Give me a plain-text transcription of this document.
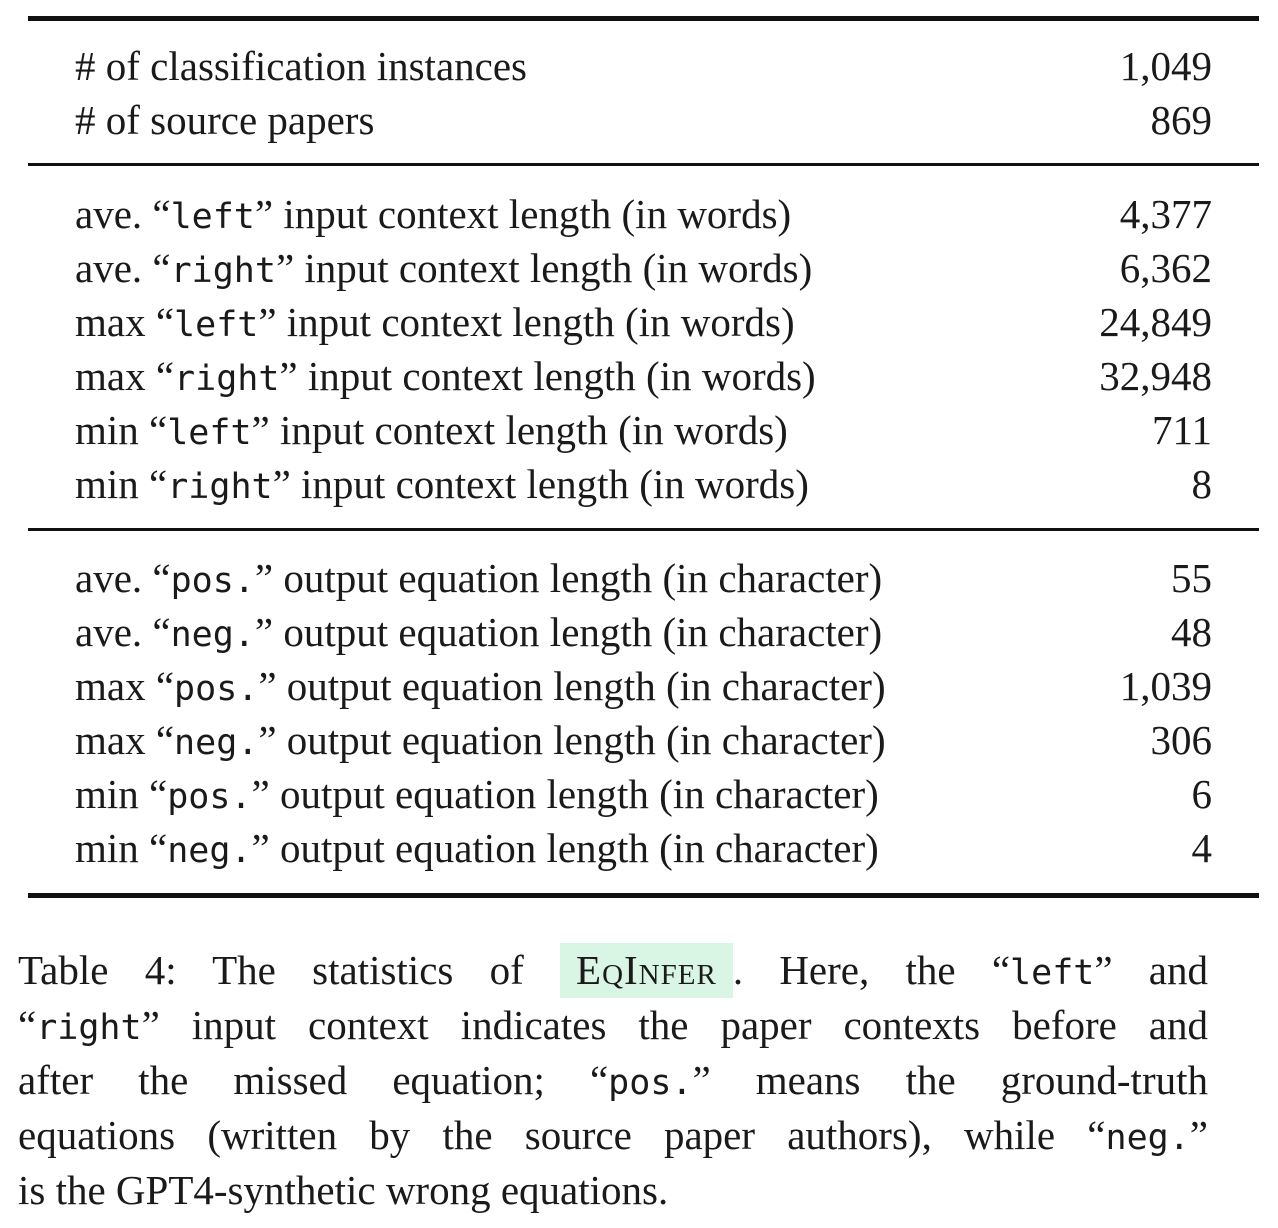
# of classification instances	1,049
# of source papers	869
ave. “left” input context length (in words)	4,377
ave. “right” input context length (in words)	6,362
max “left” input context length (in words)	24,849
max “right” input context length (in words)	32,948
min “left” input context length (in words)	711
min “right” input context length (in words)	8
ave. “pos.” output equation length (in character)	55
ave. “neg.” output equation length (in character)	48
max “pos.” output equation length (in character)	1,039
max “neg.” output equation length (in character)	306
min “pos.” output equation length (in character)	6
min “neg.” output equation length (in character)	4
Table 4: The statistics of EqInfer . Here, the “left” and
“right” input context indicates the paper contexts before and
after the missed equation; “pos.” means the ground-truth
equations (written by the source paper authors), while “neg.”
is the GPT4-synthetic wrong equations.
